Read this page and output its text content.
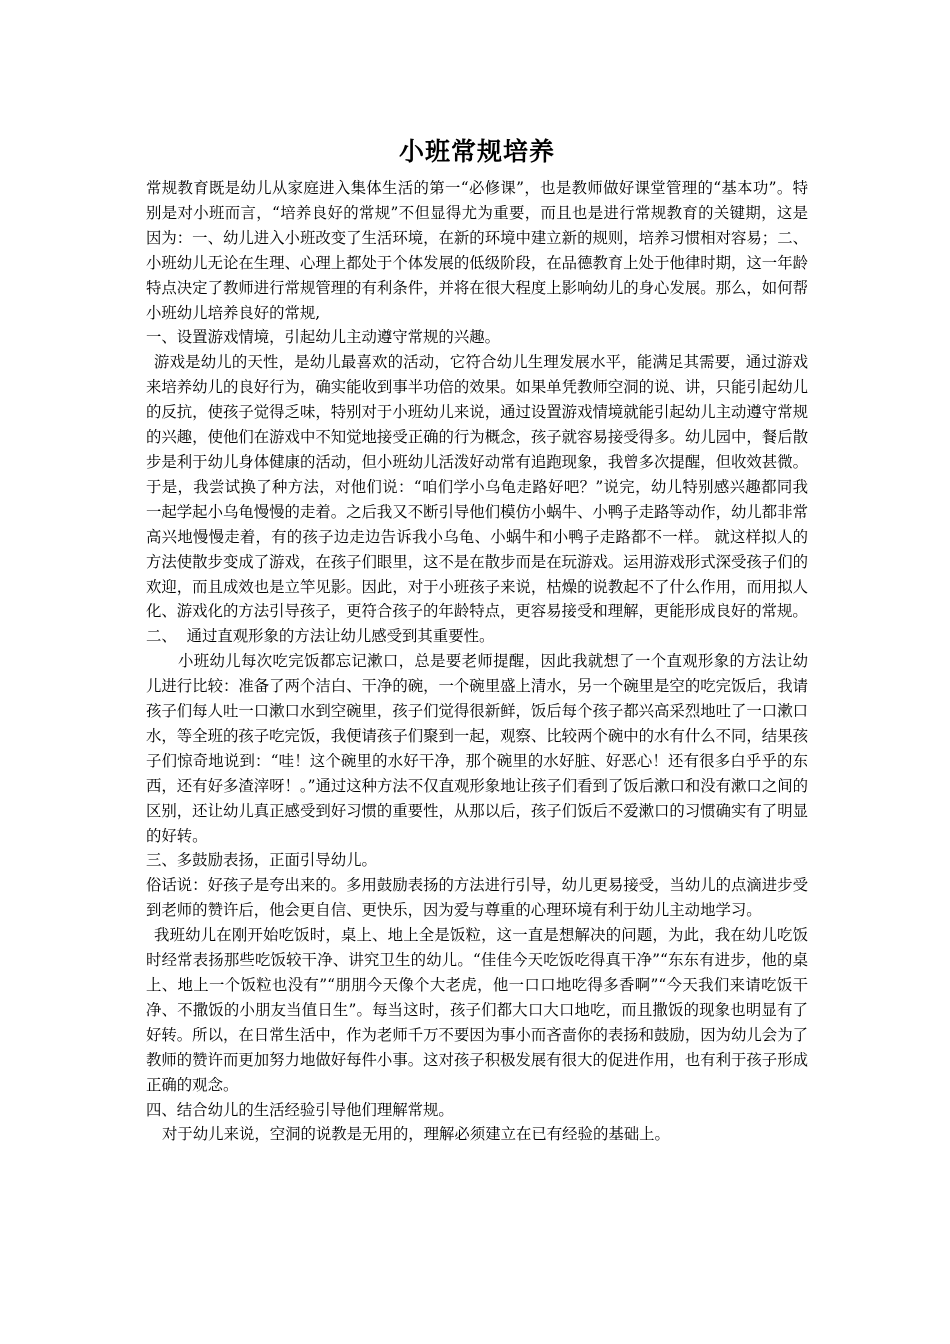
小班常规培养

常规教育既是幼儿从家庭进入集体生活的第一“必修课”，也是教师做好课堂管理的“基本功”。特别是对小班而言，“培养良好的常规”不但显得尤为重要，而且也是进行常规教育的关键期，这是因为：一、幼儿进入小班改变了生活环境，在新的环境中建立新的规则，培养习惯相对容易；二、小班幼儿无论在生理、心理上都处于个体发展的低级阶段，在品德教育上处于他律时期，这一年龄特点决定了教师进行常规管理的有利条件，并将在很大程度上影响幼儿的身心发展。那么，如何帮小班幼儿培养良好的常规,

一、设置游戏情境，引起幼儿主动遵守常规的兴趣。

游戏是幼儿的天性，是幼儿最喜欢的活动，它符合幼儿生理发展水平，能满足其需要，通过游戏来培养幼儿的良好行为，确实能收到事半功倍的效果。如果单凭教师空洞的说、讲，只能引起幼儿的反抗，使孩子觉得乏味，特别对于小班幼儿来说，通过设置游戏情境就能引起幼儿主动遵守常规的兴趣，使他们在游戏中不知觉地接受正确的行为概念，孩子就容易接受得多。幼儿园中，餐后散步是利于幼儿身体健康的活动，但小班幼儿活泼好动常有追跑现象，我曾多次提醒，但收效甚微。于是，我尝试换了种方法，对他们说：“咱们学小乌龟走路好吧？”说完，幼儿特别感兴趣都同我一起学起小乌龟慢慢的走着。之后我又不断引导他们模仿小蜗牛、小鸭子走路等动作，幼儿都非常高兴地慢慢走着，有的孩子边走边告诉我小乌龟、小蜗牛和小鸭子走路都不一样。 就这样拟人的方法使散步变成了游戏，在孩子们眼里，这不是在散步而是在玩游戏。运用游戏形式深受孩子们的欢迎，而且成效也是立竿见影。因此，对于小班孩子来说，枯燥的说教起不了什么作用，而用拟人化、游戏化的方法引导孩子，更符合孩子的年龄特点，更容易接受和理解，更能形成良好的常规。

二、  通过直观形象的方法让幼儿感受到其重要性。

小班幼儿每次吃完饭都忘记漱口，总是要老师提醒，因此我就想了一个直观形象的方法让幼儿进行比较：准备了两个洁白、干净的碗，一个碗里盛上清水，另一个碗里是空的吃完饭后，我请孩子们每人吐一口漱口水到空碗里，孩子们觉得很新鲜，饭后每个孩子都兴高采烈地吐了一口漱口水，等全班的孩子吃完饭，我便请孩子们聚到一起，观察、比较两个碗中的水有什么不同，结果孩子们惊奇地说到：“哇！这个碗里的水好干净，那个碗里的水好脏、好恶心！还有很多白乎乎的东西，还有好多渣滓呀！。”通过这种方法不仅直观形象地让孩子们看到了饭后漱口和没有漱口之间的区别，还让幼儿真正感受到好习惯的重要性，从那以后，孩子们饭后不爱漱口的习惯确实有了明显的好转。

三、多鼓励表扬，正面引导幼儿。

俗话说：好孩子是夸出来的。多用鼓励表扬的方法进行引导，幼儿更易接受，当幼儿的点滴进步受到老师的赞许后，他会更自信、更快乐，因为爱与尊重的心理环境有利于幼儿主动地学习。

我班幼儿在刚开始吃饭时，桌上、地上全是饭粒，这一直是想解决的问题，为此，我在幼儿吃饭时经常表扬那些吃饭较干净、讲究卫生的幼儿。“佳佳今天吃饭吃得真干净”“东东有进步，他的桌上、地上一个饭粒也没有”“朋朋今天像个大老虎，他一口口地吃得多香啊”“今天我们来请吃饭干净、不撒饭的小朋友当值日生”。每当这时，孩子们都大口大口地吃，而且撒饭的现象也明显有了好转。所以，在日常生活中，作为老师千万不要因为事小而吝啬你的表扬和鼓励，因为幼儿会为了教师的赞许而更加努力地做好每件小事。这对孩子积极发展有很大的促进作用，也有利于孩子形成正确的观念。

四、结合幼儿的生活经验引导他们理解常规。

对于幼儿来说，空洞的说教是无用的，理解必须建立在已有经验的基础上。
